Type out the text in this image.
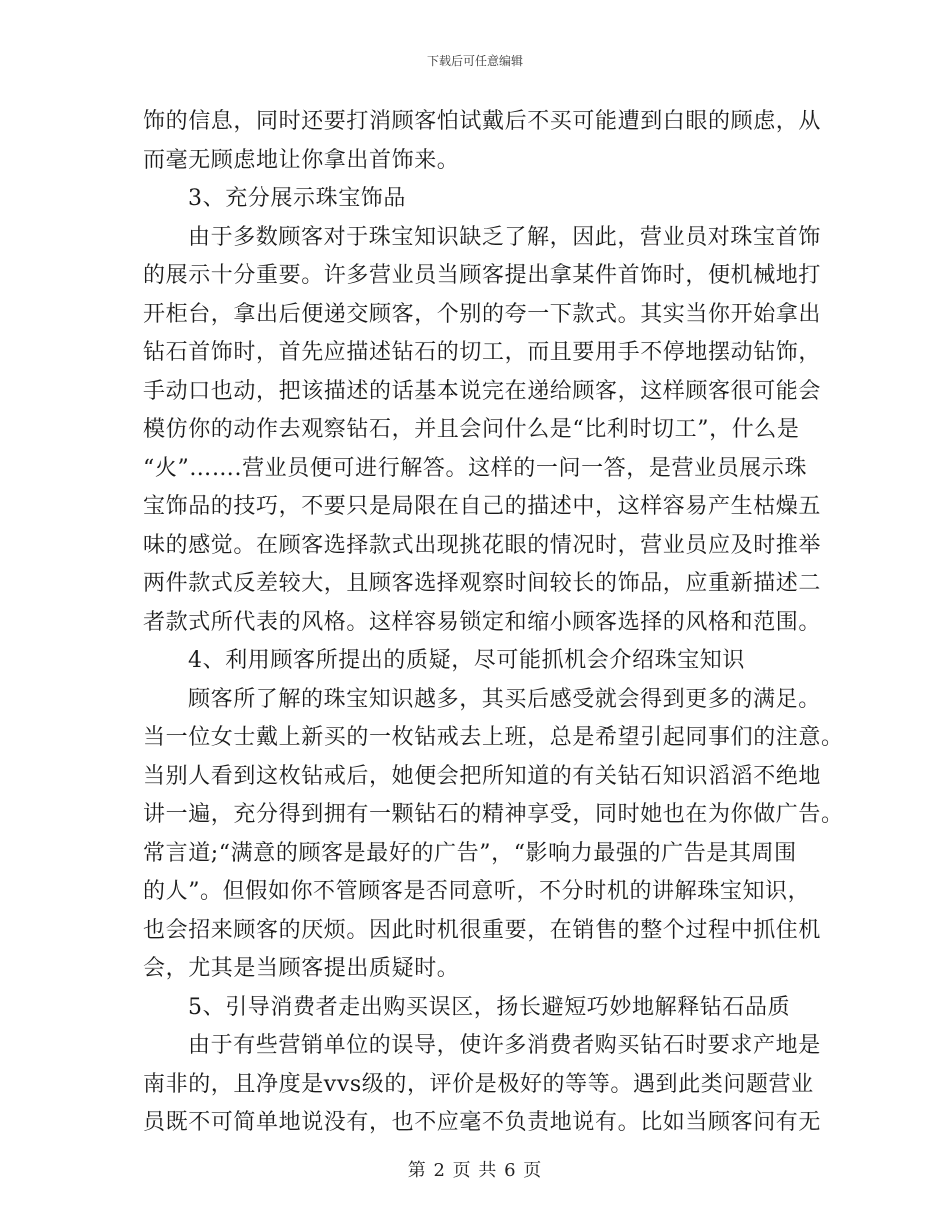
下载后可任意编辑
饰的信息，同时还要打消顾客怕试戴后不买可能遭到白眼的顾虑，从
而毫无顾虑地让你拿出首饰来。
3、充分展示珠宝饰品
由于多数顾客对于珠宝知识缺乏了解，因此，营业员对珠宝首饰
的展示十分重要。许多营业员当顾客提出拿某件首饰时，便机械地打
开柜台，拿出后便递交顾客，个别的夸一下款式。其实当你开始拿出
钻石首饰时，首先应描述钻石的切工，而且要用手不停地摆动钻饰，
手动口也动，把该描述的话基本说完在递给顾客，这样顾客很可能会
模仿你的动作去观察钻石，并且会问什么是“比利时切工”，什么是
“火”…….营业员便可进行解答。这样的一问一答，是营业员展示珠
宝饰品的技巧，不要只是局限在自己的描述中，这样容易产生枯燥五
味的感觉。在顾客选择款式出现挑花眼的情况时，营业员应及时推举
两件款式反差较大，且顾客选择观察时间较长的饰品，应重新描述二
者款式所代表的风格。这样容易锁定和缩小顾客选择的风格和范围。
4、利用顾客所提出的质疑，尽可能抓机会介绍珠宝知识
顾客所了解的珠宝知识越多，其买后感受就会得到更多的满足。
当一位女士戴上新买的一枚钻戒去上班，总是希望引起同事们的注意。
当别人看到这枚钻戒后，她便会把所知道的有关钻石知识滔滔不绝地
讲一遍，充分得到拥有一颗钻石的精神享受，同时她也在为你做广告。
常言道;“满意的顾客是最好的广告”，“影响力最强的广告是其周围
的人”。但假如你不管顾客是否同意听，不分时机的讲解珠宝知识，
也会招来顾客的厌烦。因此时机很重要，在销售的整个过程中抓住机
会，尤其是当顾客提出质疑时。
5、引导消费者走出购买误区，扬长避短巧妙地解释钻石品质
由于有些营销单位的误导，使许多消费者购买钻石时要求产地是
南非的，且净度是vvs级的，评价是极好的等等。遇到此类问题营业
员既不可简单地说没有，也不应毫不负责地说有。比如当顾客问有无
第 2 页 共 6 页
